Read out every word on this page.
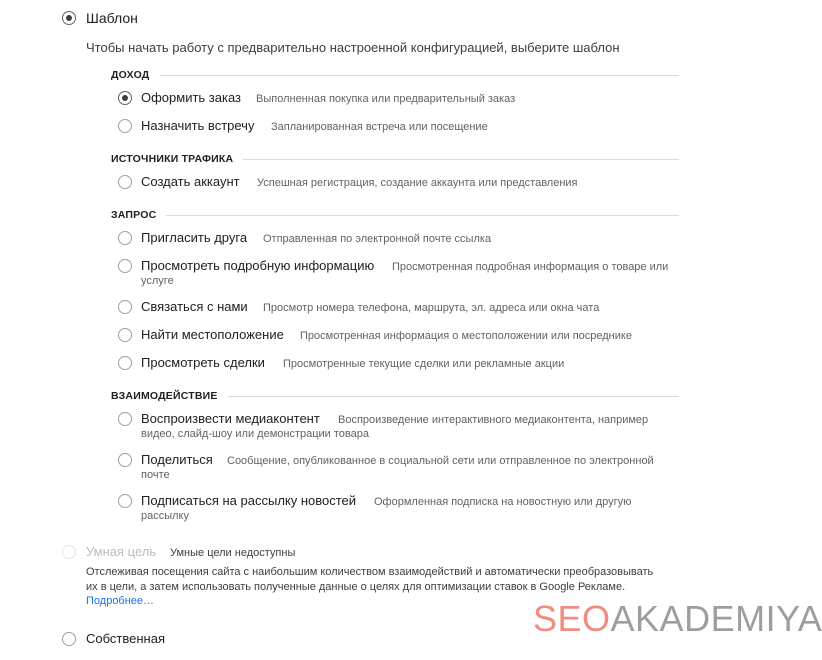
Шаблон
Чтобы начать работу с предварительно настроенной конфигурацией, выберите шаблон
ДОХОД
Оформить заказ Выполненная покупка или предварительный заказ
Назначить встречу Запланированная встреча или посещение
ИСТОЧНИКИ ТРАФИКА
Создать аккаунт Успешная регистрация, создание аккаунта или представления
ЗАПРОС
Пригласить друга Отправленная по электронной почте ссылка
Просмотреть подробную информацию Просмотренная подробная информация о товаре или
услуге
Связаться с нами Просмотр номера телефона, маршрута, эл. адреса или окна чата
Найти местоположение Просмотренная информация о местоположении или посреднике
Просмотреть сделки Просмотренные текущие сделки или рекламные акции
ВЗАИМОДЕЙСТВИЕ
Воспроизвести медиаконтент Воспроизведение интерактивного медиаконтента, например
видео, слайд-шоу или демонстрации товара
Поделиться Сообщение, опубликованное в социальной сети или отправленное по электронной
почте
Подписаться на рассылку новостей Оформленная подписка на новостную или другую
рассылку
Умная цель Умные цели недоступны
Отслеживая посещения сайта с наибольшим количеством взаимодействий и автоматически преобразовывать
их в цели, а затем использовать полученные данные о целях для оптимизации ставок в Google Рекламе.
Подробнее…
Собственная	SEOAKADEMIYA
